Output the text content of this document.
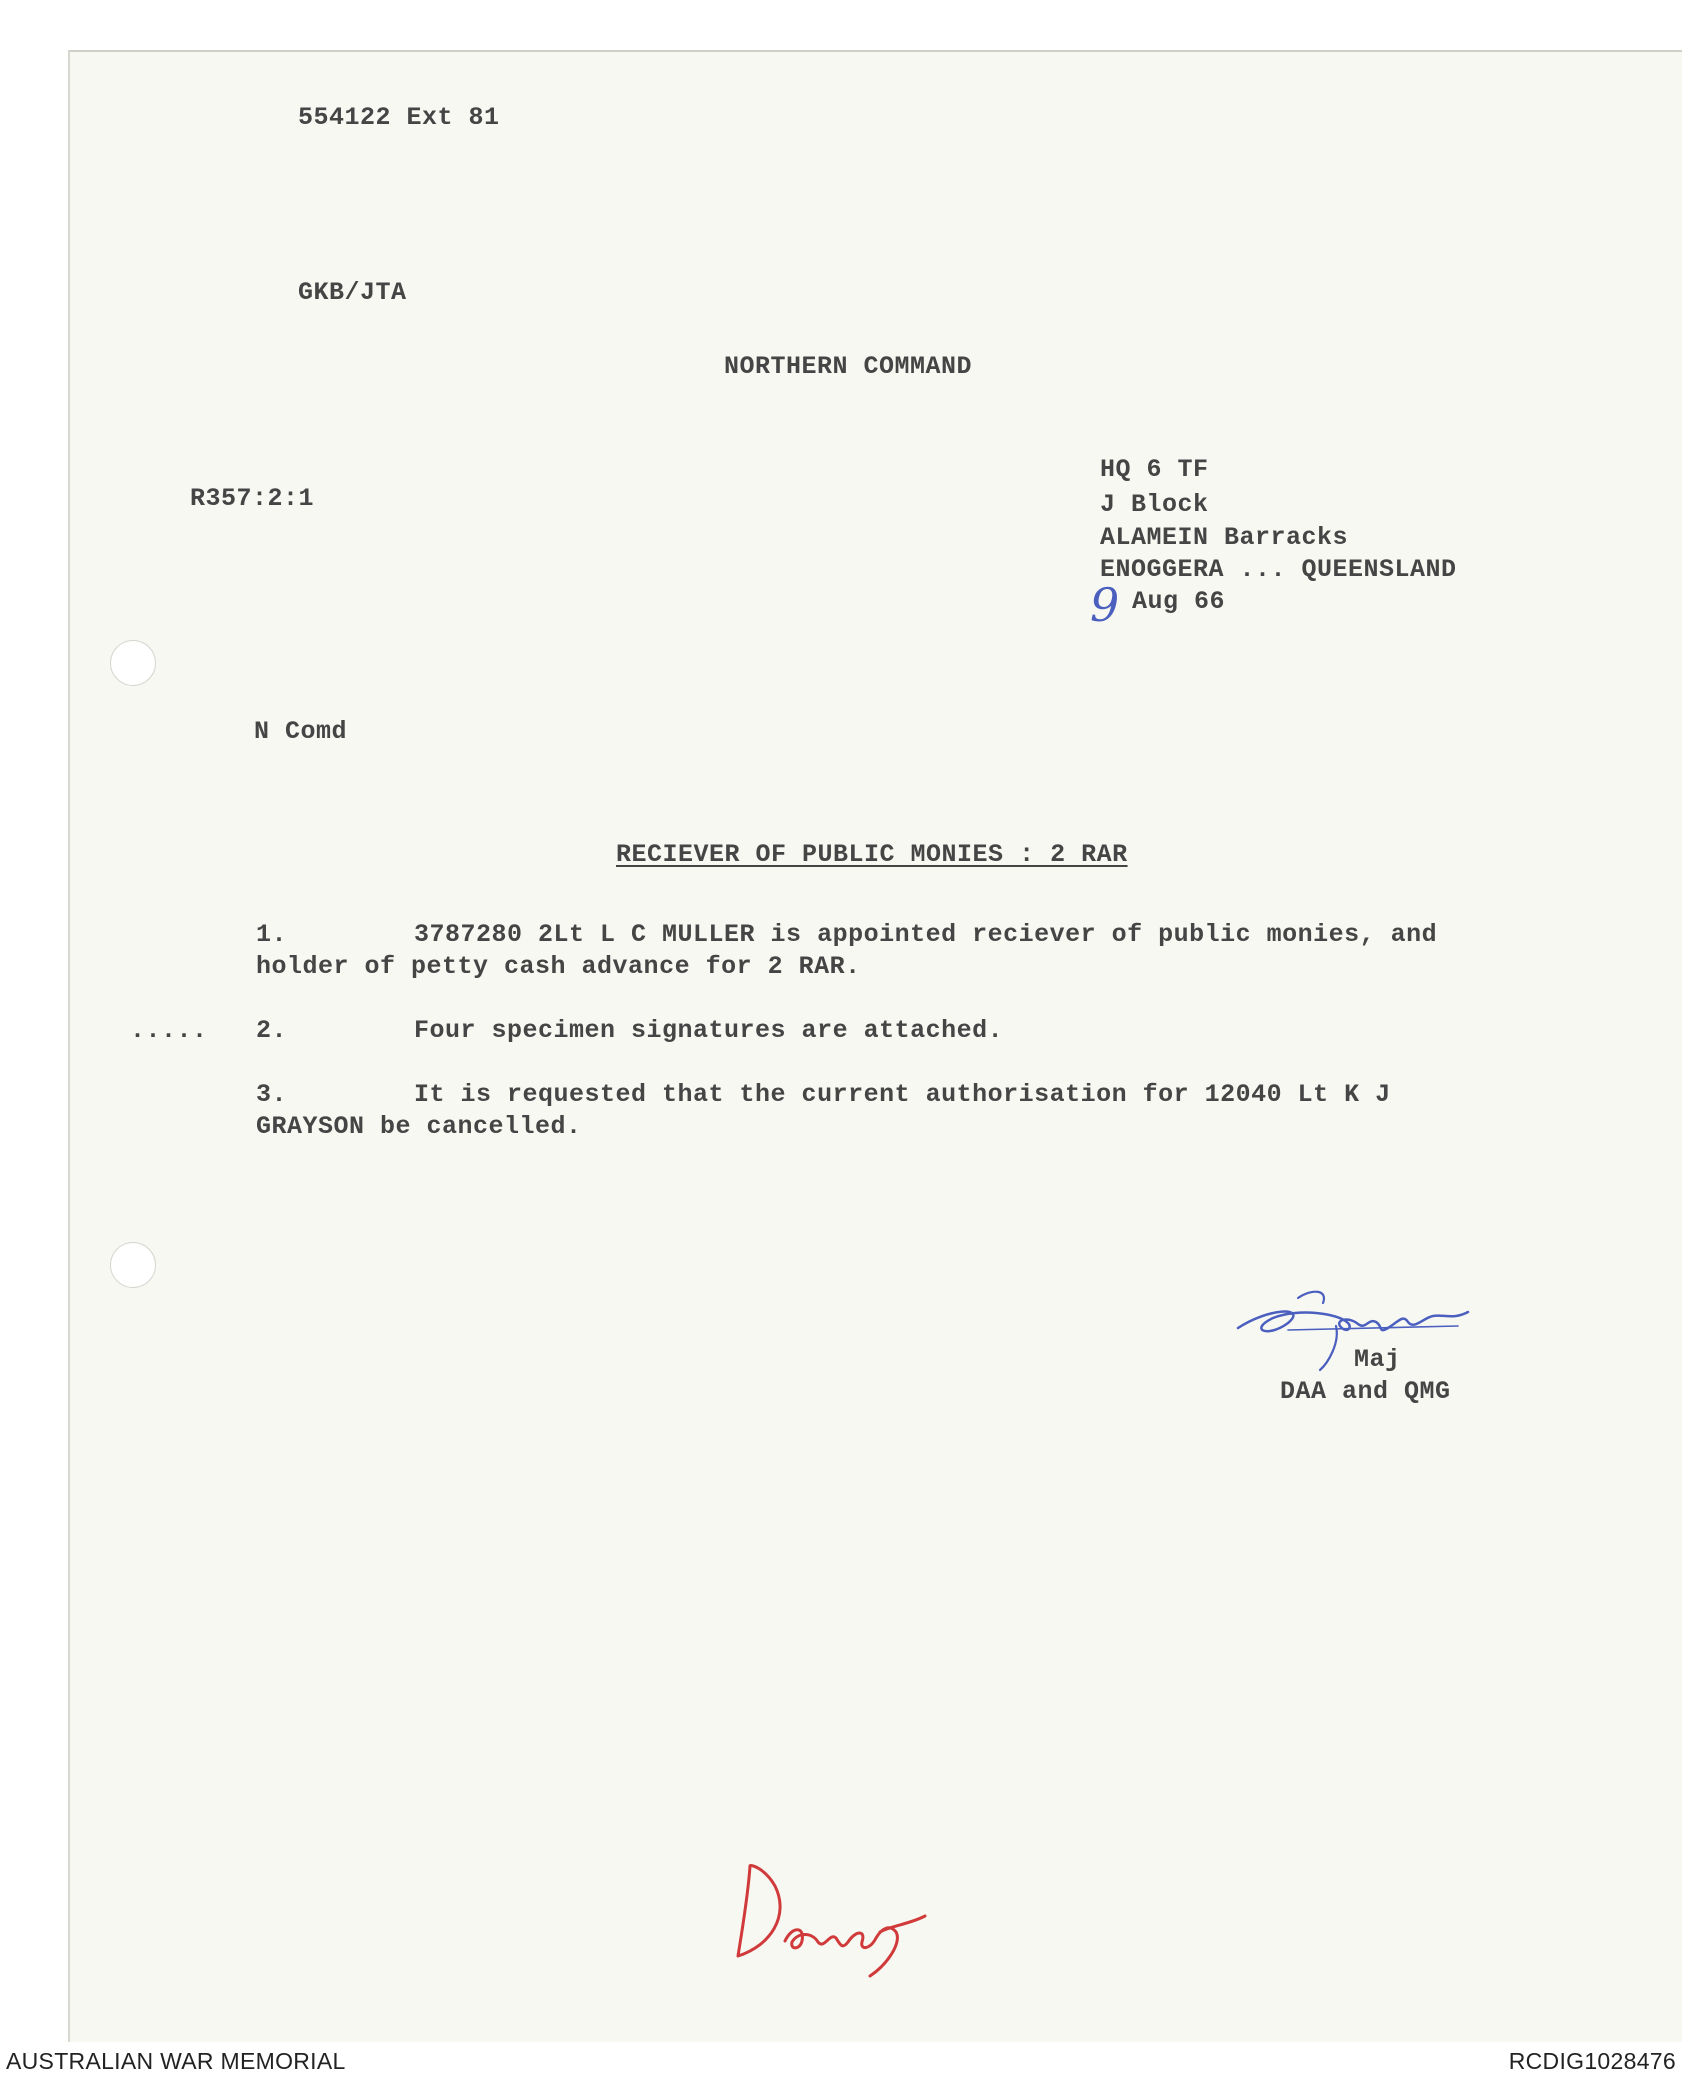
554122 Ext 81
GKB/JTA
NORTHERN COMMAND
R357:2:1
HQ 6 TF
J Block
ALAMEIN Barracks
ENOGGERA ... QUEENSLAND
9 Aug 66
N Comd
RECIEVER OF PUBLIC MONIES : 2 RAR
1.	3787280 2Lt L C MULLER is appointed reciever of public monies, and
holder of petty cash advance for 2 RAR.
..... 2.	Four specimen signatures are attached.
3.	It is requested that the current authorisation for 12040 Lt K J
GRAYSON be cancelled.
Maj
DAA and QMG
AUSTRALIAN WAR MEMORIAL	RCDIG1028476
